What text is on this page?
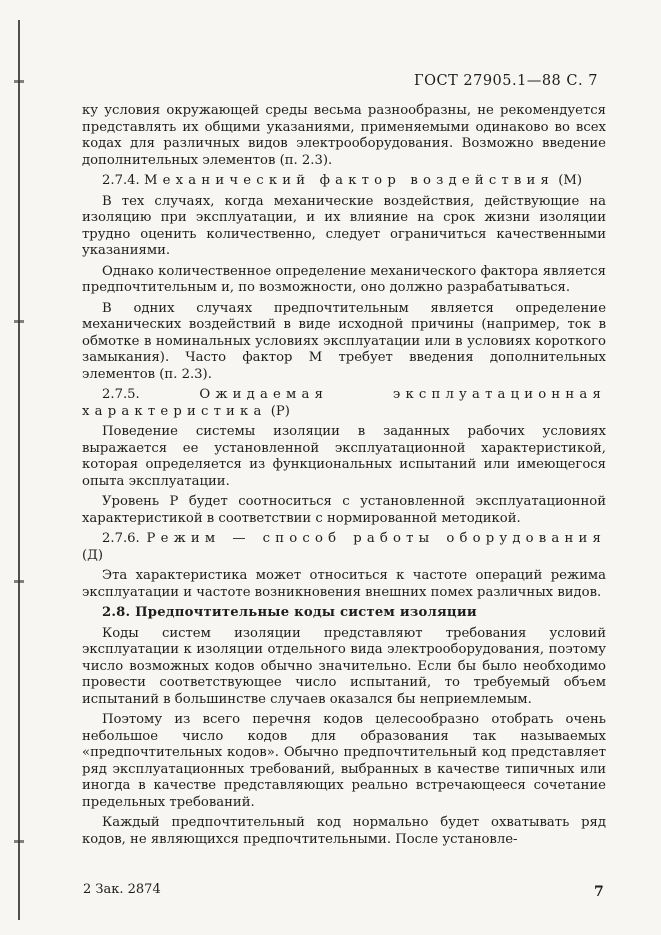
ГОСТ 27905.1—88 С. 7

ку условия окружающей среды весьма разнообразны, не рекомендуется представлять их общими указаниями, применяемыми одинаково во всех кодах для различных видов электрооборудования. Возможно введение дополнительных элементов (п. 2.3).

2.7.4. Механический фактор воздействия (М)

В тех случаях, когда механические воздействия, действующие на изоляцию при эксплуатации, и их влияние на срок жизни изоляции трудно оценить количественно, следует ограничиться качественными указаниями.

Однако количественное определение механического фактора является предпочтительным и, по возможности, оно должно разрабатываться.

В одних случаях предпочтительным является определение механических воздействий в виде исходной причины (например, ток в обмотке в номинальных условиях эксплуатации или в условиях короткого замыкания). Часто фактор М требует введения дополнительных элементов (п. 2.3).

2.7.5.	Ожидаемая эксплуатационная характеристика (Р)

Поведение системы изоляции в заданных рабочих условиях выражается ее установленной эксплуатационной характеристикой, которая определяется из функциональных испытаний или имеющегося опыта эксплуатации.

Уровень Р будет соотноситься с установленной эксплуатационной характеристикой в соответствии с нормированной методикой.

2.7.6. Режим — способ работы оборудования (Д)

Эта характеристика может относиться к частоте операций режима эксплуатации и частоте возникновения внешних помех различных видов.

2.8. Предпочтительные коды систем изоляции

Коды систем изоляции представляют требования условий эксплуатации к изоляции отдельного вида электрооборудования, поэтому число возможных кодов обычно значительно. Если бы было необходимо провести соответствующее число испытаний, то требуемый объем испытаний в большинстве случаев оказался бы неприемлемым.

Поэтому из всего перечня кодов целесообразно отобрать очень небольшое число кодов для образования так называемых «предпочтительных кодов». Обычно предпочтительный код представляет ряд эксплуатационных требований, выбранных в качестве типичных или иногда в качестве представляющих реально встречающееся сочетание предельных требований.

Каждый предпочтительный код нормально будет охватывать ряд кодов, не являющихся предпочтительными. После установле-

2 Зак. 2874	7
